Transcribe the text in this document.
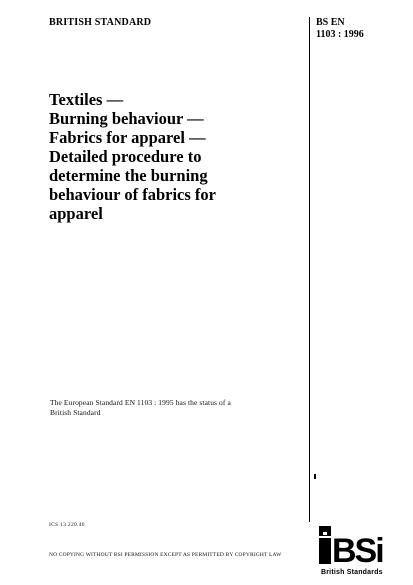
BRITISH STANDARD	BS EN
1103 : 1996

Textiles —

Burning behaviour —

Fabrics for apparel —

Detailed procedure to

determine the burning

behaviour of fabrics for

apparel

The European Standard EN 1103 : 1995 has the status of a
British Standard
ICS 13.220.40
NO COPYING WITHOUT BSI PERMISSION EXCEPT AS PERMITTED BY COPYRIGHT LAW	BSi
British Standards
